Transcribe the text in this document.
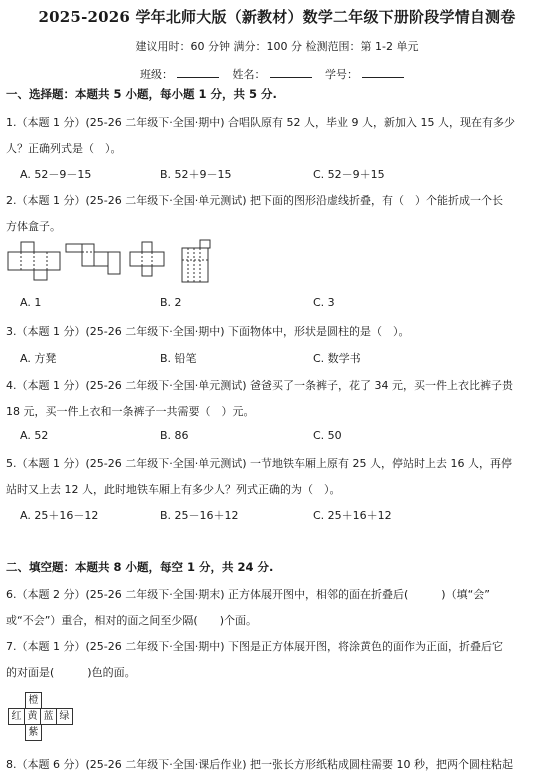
2025-2026 学年北师大版（新教材）数学二年级下册阶段学情自测卷
建议用时：60 分钟 满分：100 分 检测范围：第 1-2 单元
班级：	姓名：	学号：
一、选择题：本题共 5 小题，每小题 1 分，共 5 分.
1.（本题 1 分）(25-26 二年级下·全国·期中) 合唱队原有 52 人，毕业 9 人，新加入 15 人，现在有多少
人？正确列式是（　）。
A. 52－9－15	B. 52＋9－15	C. 52－9＋15
2.（本题 1 分）(25-26 二年级下·全国·单元测试) 把下面的图形沿虚线折叠，有（　）个能折成一个长
方体盒子。
A. 1	B. 2	C. 3
3.（本题 1 分）(25-26 二年级下·全国·期中) 下面物体中，形状是圆柱的是（　）。
A. 方凳	B. 铅笔	C. 数学书
4.（本题 1 分）(25-26 二年级下·全国·单元测试) 爸爸买了一条裤子，花了 34 元，买一件上衣比裤子贵
18 元，买一件上衣和一条裤子一共需要（　）元。
A. 52	B. 86	C. 50
5.（本题 1 分）(25-26 二年级下·全国·单元测试) 一节地铁车厢上原有 25 人，停站时上去 16 人，再停
站时又上去 12 人，此时地铁车厢上有多少人？列式正确的为（　）。
A. 25＋16－12	B. 25－16＋12	C. 25＋16＋12
二、填空题：本题共 8 小题，每空 1 分，共 24 分.
6.（本题 2 分）(25-26 二年级下·全国·期末) 正方体展开图中，相邻的面在折叠后(　　　)（填“会”
或“不会”）重合，相对的面之间至少隔(　　)个面。
7.（本题 1 分）(25-26 二年级下·全国·期中) 下图是正方体展开图，将涂黄色的面作为正面，折叠后它
的对面是(　　　)色的面。
橙
红 黄 蓝 绿
紫
8.（本题 6 分）(25-26 二年级下·全国·课后作业) 把一张长方形纸粘成圆柱需要 10 秒，把两个圆柱粘起
